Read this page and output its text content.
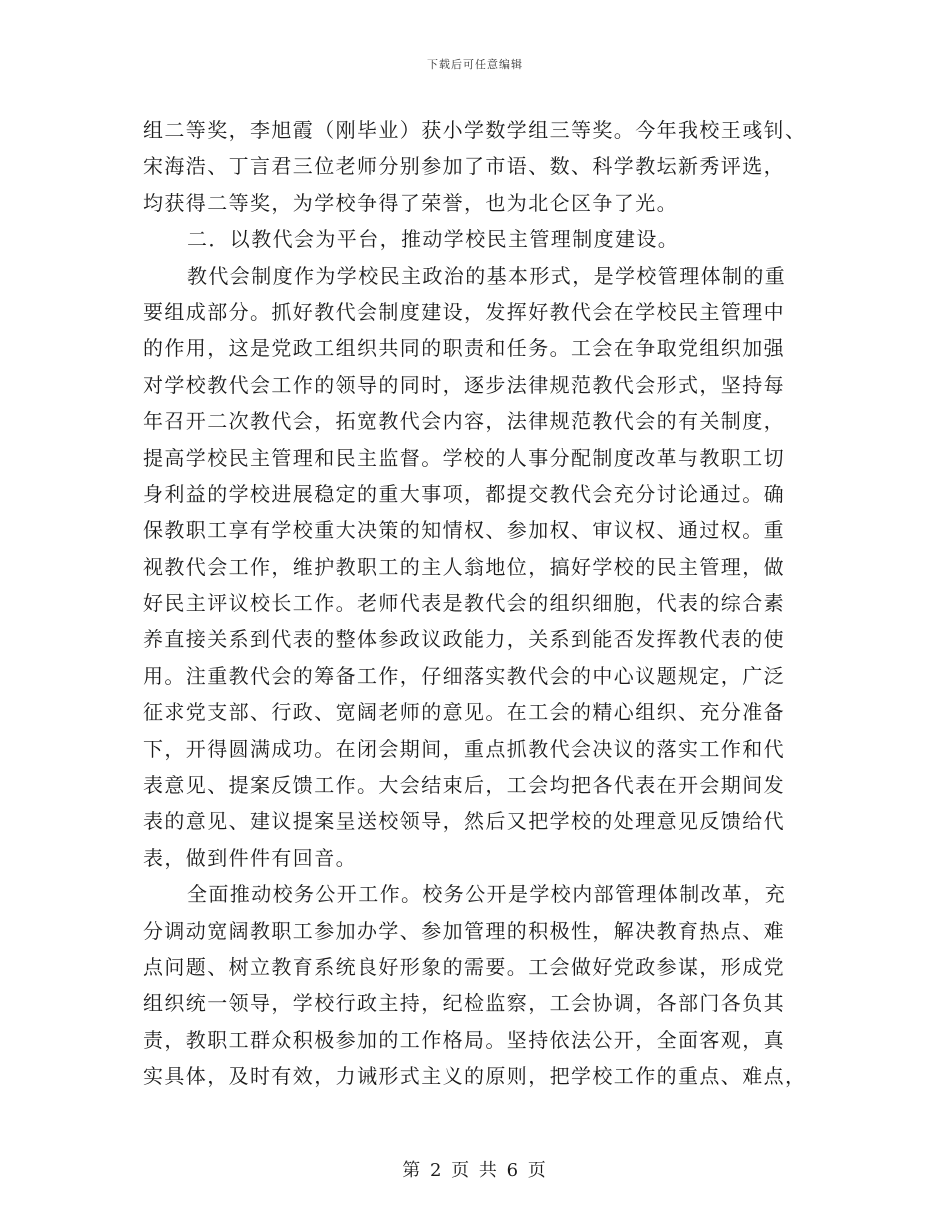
下载后可任意编辑
组二等奖，李旭霞（刚毕业）获小学数学组三等奖。今年我校王彧钊、
宋海浩、丁言君三位老师分别参加了市语、数、科学教坛新秀评选，
均获得二等奖，为学校争得了荣誉，也为北仑区争了光。
二．以教代会为平台，推动学校民主管理制度建设。
教代会制度作为学校民主政治的基本形式，是学校管理体制的重
要组成部分。抓好教代会制度建设，发挥好教代会在学校民主管理中
的作用，这是党政工组织共同的职责和任务。工会在争取党组织加强
对学校教代会工作的领导的同时，逐步法律规范教代会形式，坚持每
年召开二次教代会，拓宽教代会内容，法律规范教代会的有关制度，
提高学校民主管理和民主监督。学校的人事分配制度改革与教职工切
身利益的学校进展稳定的重大事项，都提交教代会充分讨论通过。确
保教职工享有学校重大决策的知情权、参加权、审议权、通过权。重
视教代会工作，维护教职工的主人翁地位，搞好学校的民主管理，做
好民主评议校长工作。老师代表是教代会的组织细胞，代表的综合素
养直接关系到代表的整体参政议政能力，关系到能否发挥教代表的使
用。注重教代会的筹备工作，仔细落实教代会的中心议题规定，广泛
征求党支部、行政、宽阔老师的意见。在工会的精心组织、充分准备
下，开得圆满成功。在闭会期间，重点抓教代会决议的落实工作和代
表意见、提案反馈工作。大会结束后，工会均把各代表在开会期间发
表的意见、建议提案呈送校领导，然后又把学校的处理意见反馈给代
表，做到件件有回音。
全面推动校务公开工作。校务公开是学校内部管理体制改革，充
分调动宽阔教职工参加办学、参加管理的积极性，解决教育热点、难
点问题、树立教育系统良好形象的需要。工会做好党政参谋，形成党
组织统一领导，学校行政主持，纪检监察，工会协调，各部门各负其
责，教职工群众积极参加的工作格局。坚持依法公开，全面客观，真
实具体，及时有效，力诫形式主义的原则，把学校工作的重点、难点，
第 2 页 共 6 页
